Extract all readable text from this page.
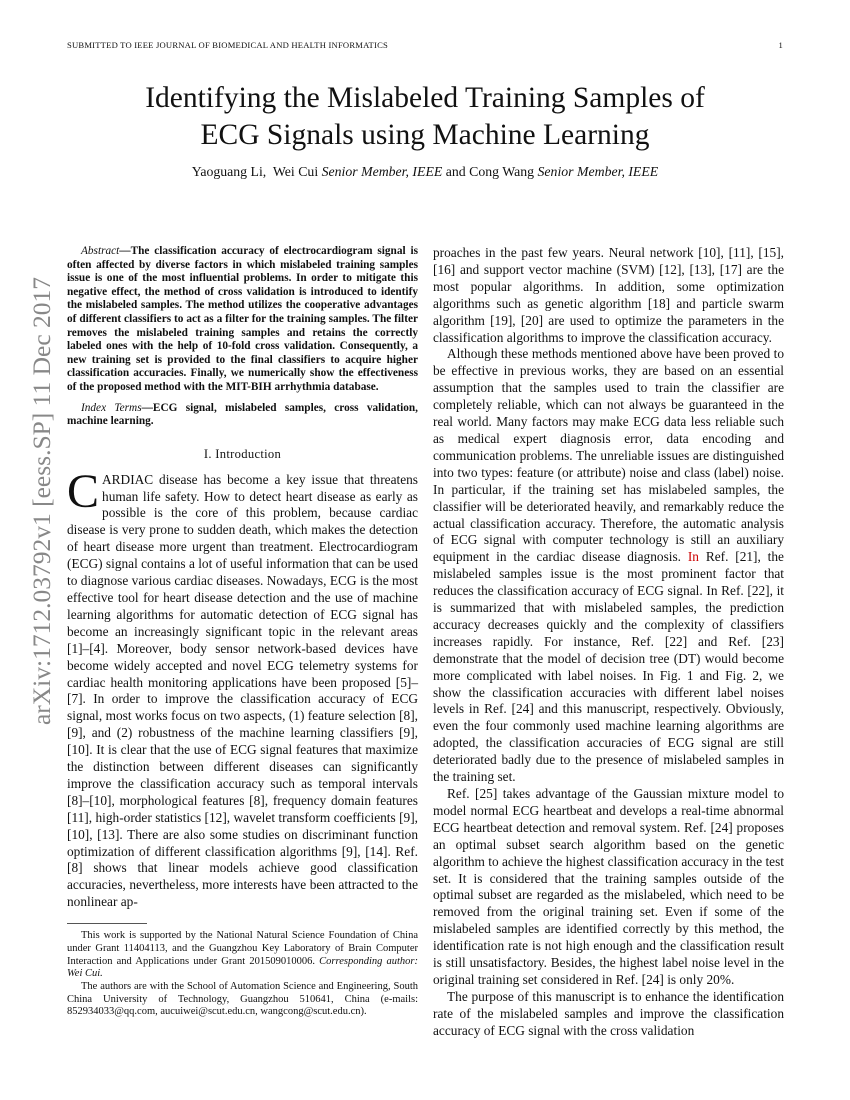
SUBMITTED TO IEEE JOURNAL OF BIOMEDICAL AND HEALTH INFORMATICS	1
arXiv:1712.03792v1 [eess.SP] 11 Dec 2017
Identifying the Mislabeled Training Samples of
ECG Signals using Machine Learning
Yaoguang Li, Wei Cui Senior Member, IEEE and Cong Wang Senior Member, IEEE

Abstract—The classification accuracy of electrocardiogram signal is often affected by diverse factors in which mislabeled training samples issue is one of the most influential problems. In order to mitigate this negative effect, the method of cross validation is introduced to identify the mislabeled samples. The method utilizes the cooperative advantages of different classifiers to act as a filter for the training samples. The filter removes the mislabeled training samples and retains the correctly labeled ones with the help of 10-fold cross validation. Consequently, a new training set is provided to the final classifiers to acquire higher classification accuracies. Finally, we numerically show the effectiveness of the proposed method with the MIT-BIH arrhythmia database.

Index Terms—ECG signal, mislabeled samples, cross validation, machine learning.

I. Introduction

CARDIAC disease has become a key issue that threatens human life safety. How to detect heart disease as early as possible is the core of this problem, because cardiac disease is very prone to sudden death, which makes the detection of heart disease more urgent than treatment. Electrocardiogram (ECG) signal contains a lot of useful information that can be used to diagnose various cardiac diseases. Nowadays, ECG is the most effective tool for heart disease detection and the use of machine learning algorithms for automatic detection of ECG signal has become an increasingly significant topic in the relevant areas [1]–[4]. Moreover, body sensor network-based devices have become widely accepted and novel ECG telemetry systems for cardiac health monitoring applications have been proposed [5]–[7]. In order to improve the classification accuracy of ECG signal, most works focus on two aspects, (1) feature selection [8], [9], and (2) robustness of the machine learning classifiers [9], [10]. It is clear that the use of ECG signal features that maximize the distinction between different diseases can significantly improve the classification accuracy such as temporal intervals [8]–[10], morphological features [8], frequency domain features [11], high-order statistics [12], wavelet transform coefficients [9], [10], [13]. There are also some studies on discriminant function optimization of different classification algorithms [9], [14]. Ref. [8] shows that linear models achieve good classification accuracies, nevertheless, more interests have been attracted to the nonlinear ap-

This work is supported by the National Natural Science Foundation of China under Grant 11404113, and the Guangzhou Key Laboratory of Brain Computer Interaction and Applications under Grant 201509010006. Corresponding author: Wei Cui.

The authors are with the School of Automation Science and Engineering, South China University of Technology, Guangzhou 510641, China (e-mails: 852934033@qq.com, aucuiwei@scut.edu.cn, wangcong@scut.edu.cn).

proaches in the past few years. Neural network [10], [11], [15], [16] and support vector machine (SVM) [12], [13], [17] are the most popular algorithms. In addition, some optimization algorithms such as genetic algorithm [18] and particle swarm algorithm [19], [20] are used to optimize the parameters in the classification algorithms to improve the classification accuracy.

Although these methods mentioned above have been proved to be effective in previous works, they are based on an essential assumption that the samples used to train the classifier are completely reliable, which can not always be guaranteed in the real world. Many factors may make ECG data less reliable such as medical expert diagnosis error, data encoding and communication problems. The unreliable issues are distinguished into two types: feature (or attribute) noise and class (label) noise. In particular, if the training set has mislabeled samples, the classifier will be deteriorated heavily, and remarkably reduce the actual classification accuracy. Therefore, the automatic analysis of ECG signal with computer technology is still an auxiliary equipment in the cardiac disease diagnosis. In Ref. [21], the mislabeled samples issue is the most prominent factor that reduces the classification accuracy of ECG signal. In Ref. [22], it is summarized that with mislabeled samples, the prediction accuracy decreases quickly and the complexity of classifiers increases rapidly. For instance, Ref. [22] and Ref. [23] demonstrate that the model of decision tree (DT) would become more complicated with label noises. In Fig. 1 and Fig. 2, we show the classification accuracies with different label noises levels in Ref. [24] and this manuscript, respectively. Obviously, even the four commonly used machine learning algorithms are adopted, the classification accuracies of ECG signal are still deteriorated badly due to the presence of mislabeled samples in the training set.

Ref. [25] takes advantage of the Gaussian mixture model to model normal ECG heartbeat and develops a real-time abnormal ECG heartbeat detection and removal system. Ref. [24] proposes an optimal subset search algorithm based on the genetic algorithm to achieve the highest classification accuracy in the test set. It is considered that the training samples outside of the optimal subset are regarded as the mislabeled, which need to be removed from the original training set. Even if some of the mislabeled samples are identified correctly by this method, the identification rate is not high enough and the classification result is still unsatisfactory. Besides, the highest label noise level in the original training set considered in Ref. [24] is only 20%.

The purpose of this manuscript is to enhance the identification rate of the mislabeled samples and improve the classification accuracy of ECG signal with the cross validation
